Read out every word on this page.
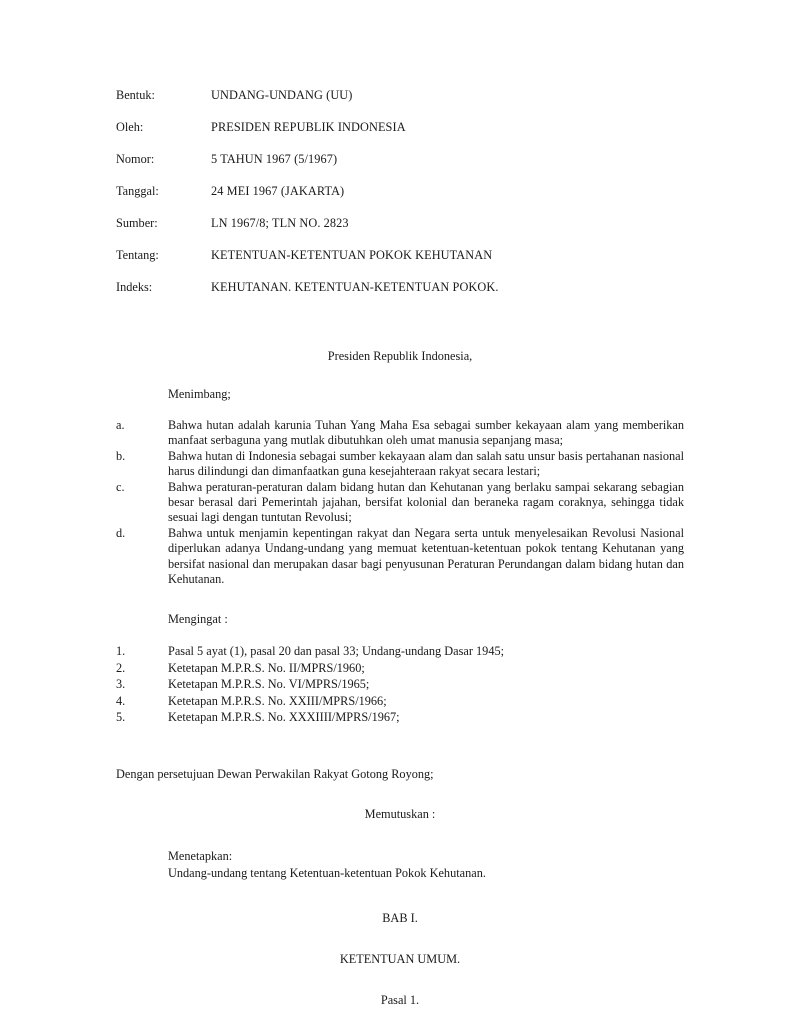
Bentuk:	UNDANG-UNDANG (UU)
Oleh:	PRESIDEN REPUBLIK INDONESIA
Nomor:	5 TAHUN 1967 (5/1967)
Tanggal:	24 MEI 1967 (JAKARTA)
Sumber:	LN 1967/8; TLN NO. 2823
Tentang:	KETENTUAN-KETENTUAN POKOK KEHUTANAN
Indeks:	KEHUTANAN. KETENTUAN-KETENTUAN POKOK.
Presiden Republik Indonesia,
Menimbang;
a.	Bahwa hutan adalah karunia Tuhan Yang Maha Esa sebagai sumber kekayaan alam yang memberikan manfaat serbaguna yang mutlak dibutuhkan oleh umat manusia sepanjang masa;
b.	Bahwa hutan di Indonesia sebagai sumber kekayaan alam dan salah satu unsur basis pertahanan nasional harus dilindungi dan dimanfaatkan guna kesejahteraan rakyat secara lestari;
c.	Bahwa peraturan-peraturan dalam bidang hutan dan Kehutanan yang berlaku sampai sekarang sebagian besar berasal dari Pemerintah jajahan, bersifat kolonial dan beraneka ragam coraknya, sehingga tidak sesuai lagi dengan tuntutan Revolusi;
d.	Bahwa untuk menjamin kepentingan rakyat dan Negara serta untuk menyelesaikan Revolusi Nasional diperlukan adanya Undang-undang yang memuat ketentuan-ketentuan pokok tentang Kehutanan yang bersifat nasional dan merupakan dasar bagi penyusunan Peraturan Perundangan dalam bidang hutan dan Kehutanan.
Mengingat :
1.	Pasal 5 ayat (1), pasal 20 dan pasal 33; Undang-undang Dasar 1945;
2.	Ketetapan M.P.R.S. No. II/MPRS/1960;
3.	Ketetapan M.P.R.S. No. VI/MPRS/1965;
4.	Ketetapan M.P.R.S. No. XXIII/MPRS/1966;
5.	Ketetapan M.P.R.S. No. XXXIIII/MPRS/1967;
Dengan persetujuan Dewan Perwakilan Rakyat Gotong Royong;
Memutuskan :
Menetapkan:
Undang-undang tentang Ketentuan-ketentuan Pokok Kehutanan.
BAB I.
KETENTUAN UMUM.
Pasal 1.
